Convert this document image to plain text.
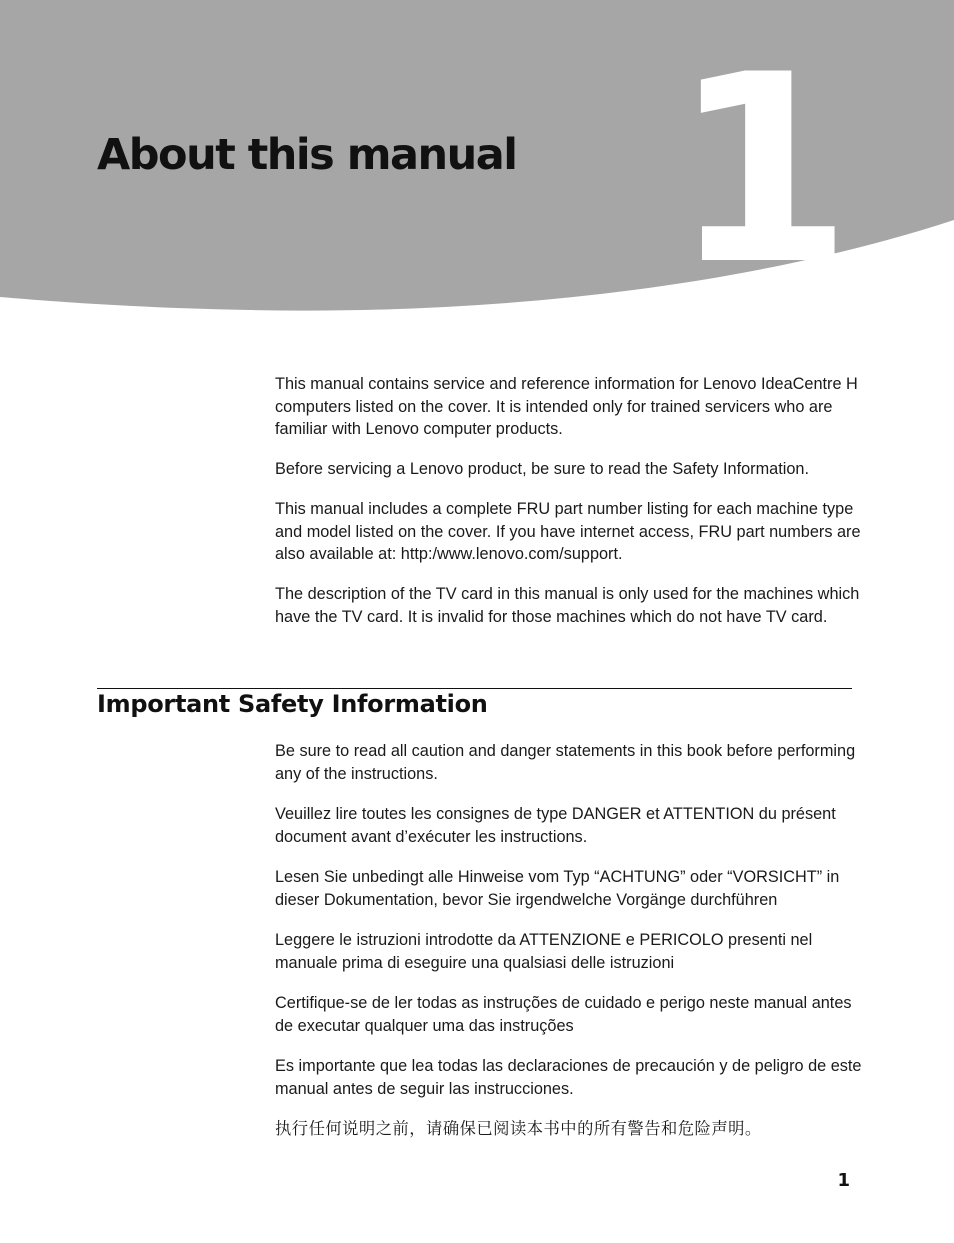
1
About this manual

This manual contains service and reference information for Lenovo IdeaCentre H computers listed on the cover. It is intended only for trained servicers who are familiar with Lenovo computer products.

Before servicing a Lenovo product, be sure to read the Safety Information.

This manual includes a complete FRU part number listing for each machine type and model listed on the cover. If you have internet access, FRU part numbers are also available at: http:/www.lenovo.com/support.

The description of the TV card in this manual is only used for the machines which have the TV card. It is invalid for those machines which do not have TV card.

Important Safety Information

Be sure to read all caution and danger statements in this book before performing any of the instructions.

Veuillez lire toutes les consignes de type DANGER et ATTENTION du présent document avant d’exécuter les instructions.

Lesen Sie unbedingt alle Hinweise vom Typ “ACHTUNG” oder “VORSICHT” in dieser Dokumentation, bevor Sie irgendwelche Vorgänge durchführen

Leggere le istruzioni introdotte da ATTENZIONE e PERICOLO presenti nel manuale prima di eseguire una qualsiasi delle istruzioni

Certifique-se de ler todas as instruções de cuidado e perigo neste manual antes de executar qualquer uma das instruções

Es importante que lea todas las declaraciones de precaución y de peligro de este manual antes de seguir las instrucciones.

执行任何说明之前，请确保已阅读本书中的所有警告和危险声明。

1
